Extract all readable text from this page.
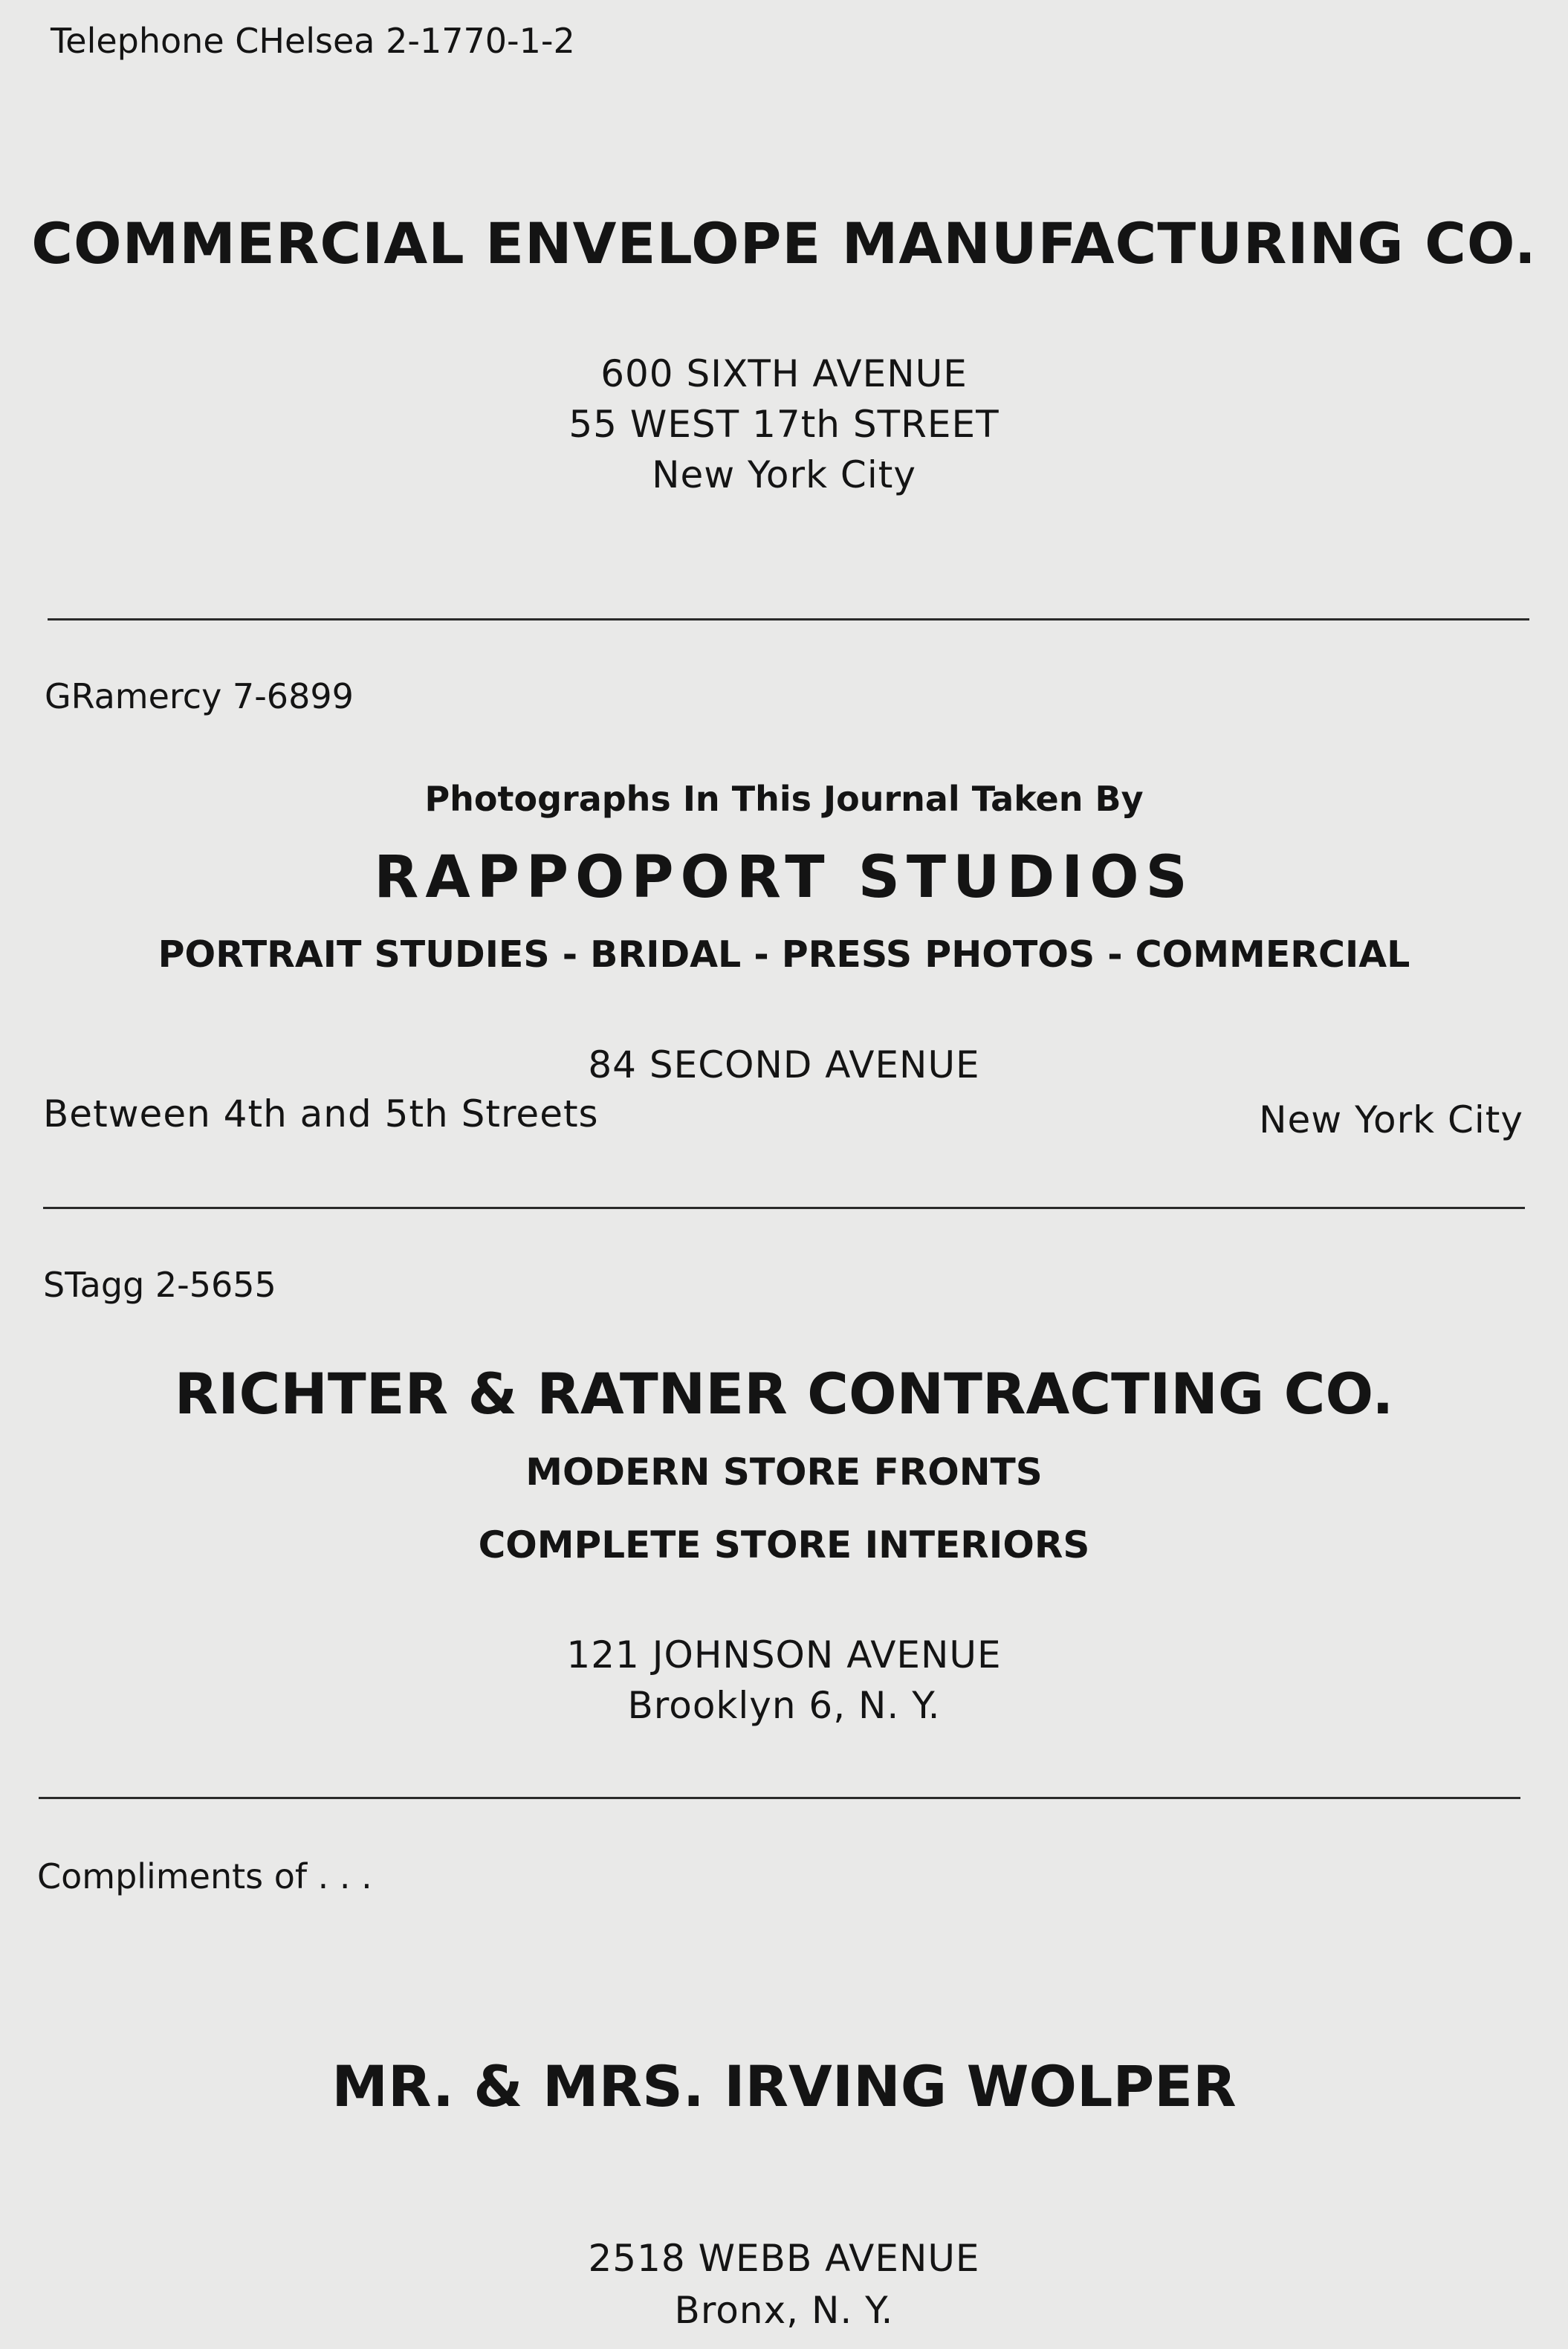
Telephone CHelsea 2-1770-1-2
COMMERCIAL ENVELOPE MANUFACTURING CO.
600 SIXTH AVENUE
55 WEST 17th STREET
New York City
GRamercy 7-6899
Photographs In This Journal Taken By
RAPPOPORT STUDIOS
PORTRAIT STUDIES - BRIDAL - PRESS PHOTOS - COMMERCIAL
84 SECOND AVENUE
Between 4th and 5th Streets	New York City
STagg 2-5655
RICHTER & RATNER CONTRACTING CO.
MODERN STORE FRONTS
COMPLETE STORE INTERIORS
121 JOHNSON AVENUE
Brooklyn 6, N. Y.
Compliments of . . .
MR. & MRS. IRVING WOLPER
2518 WEBB AVENUE
Bronx, N. Y.
